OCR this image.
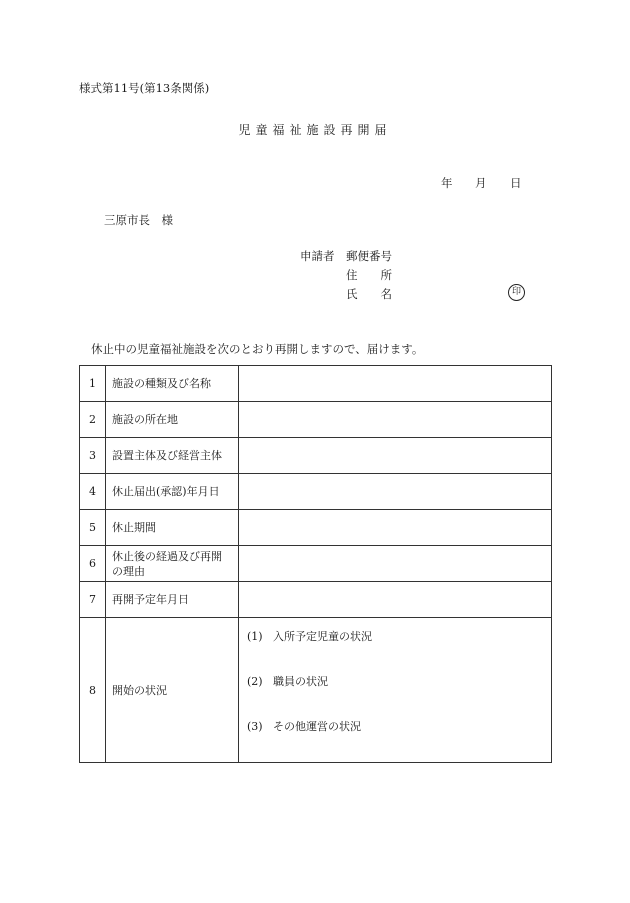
様式第11号(第13条関係)
児童福祉施設再開届
年 月 日
三原市長　様
申請者 郵便番号
住　　所
氏　　名	印
休止中の児童福祉施設を次のとおり再開しますので、届けます。
1	施設の種類及び名称	
2	施設の所在地	
3	設置主体及び経営主体	
4	休止届出(承認)年月日	
5	休止期間	
6	休止後の経過及び再開
の理由	

7	再開予定年月日	
8	開始の状況	(1) 入所予定児童の状況
(2) 職員の状況
(3) その他運営の状況
